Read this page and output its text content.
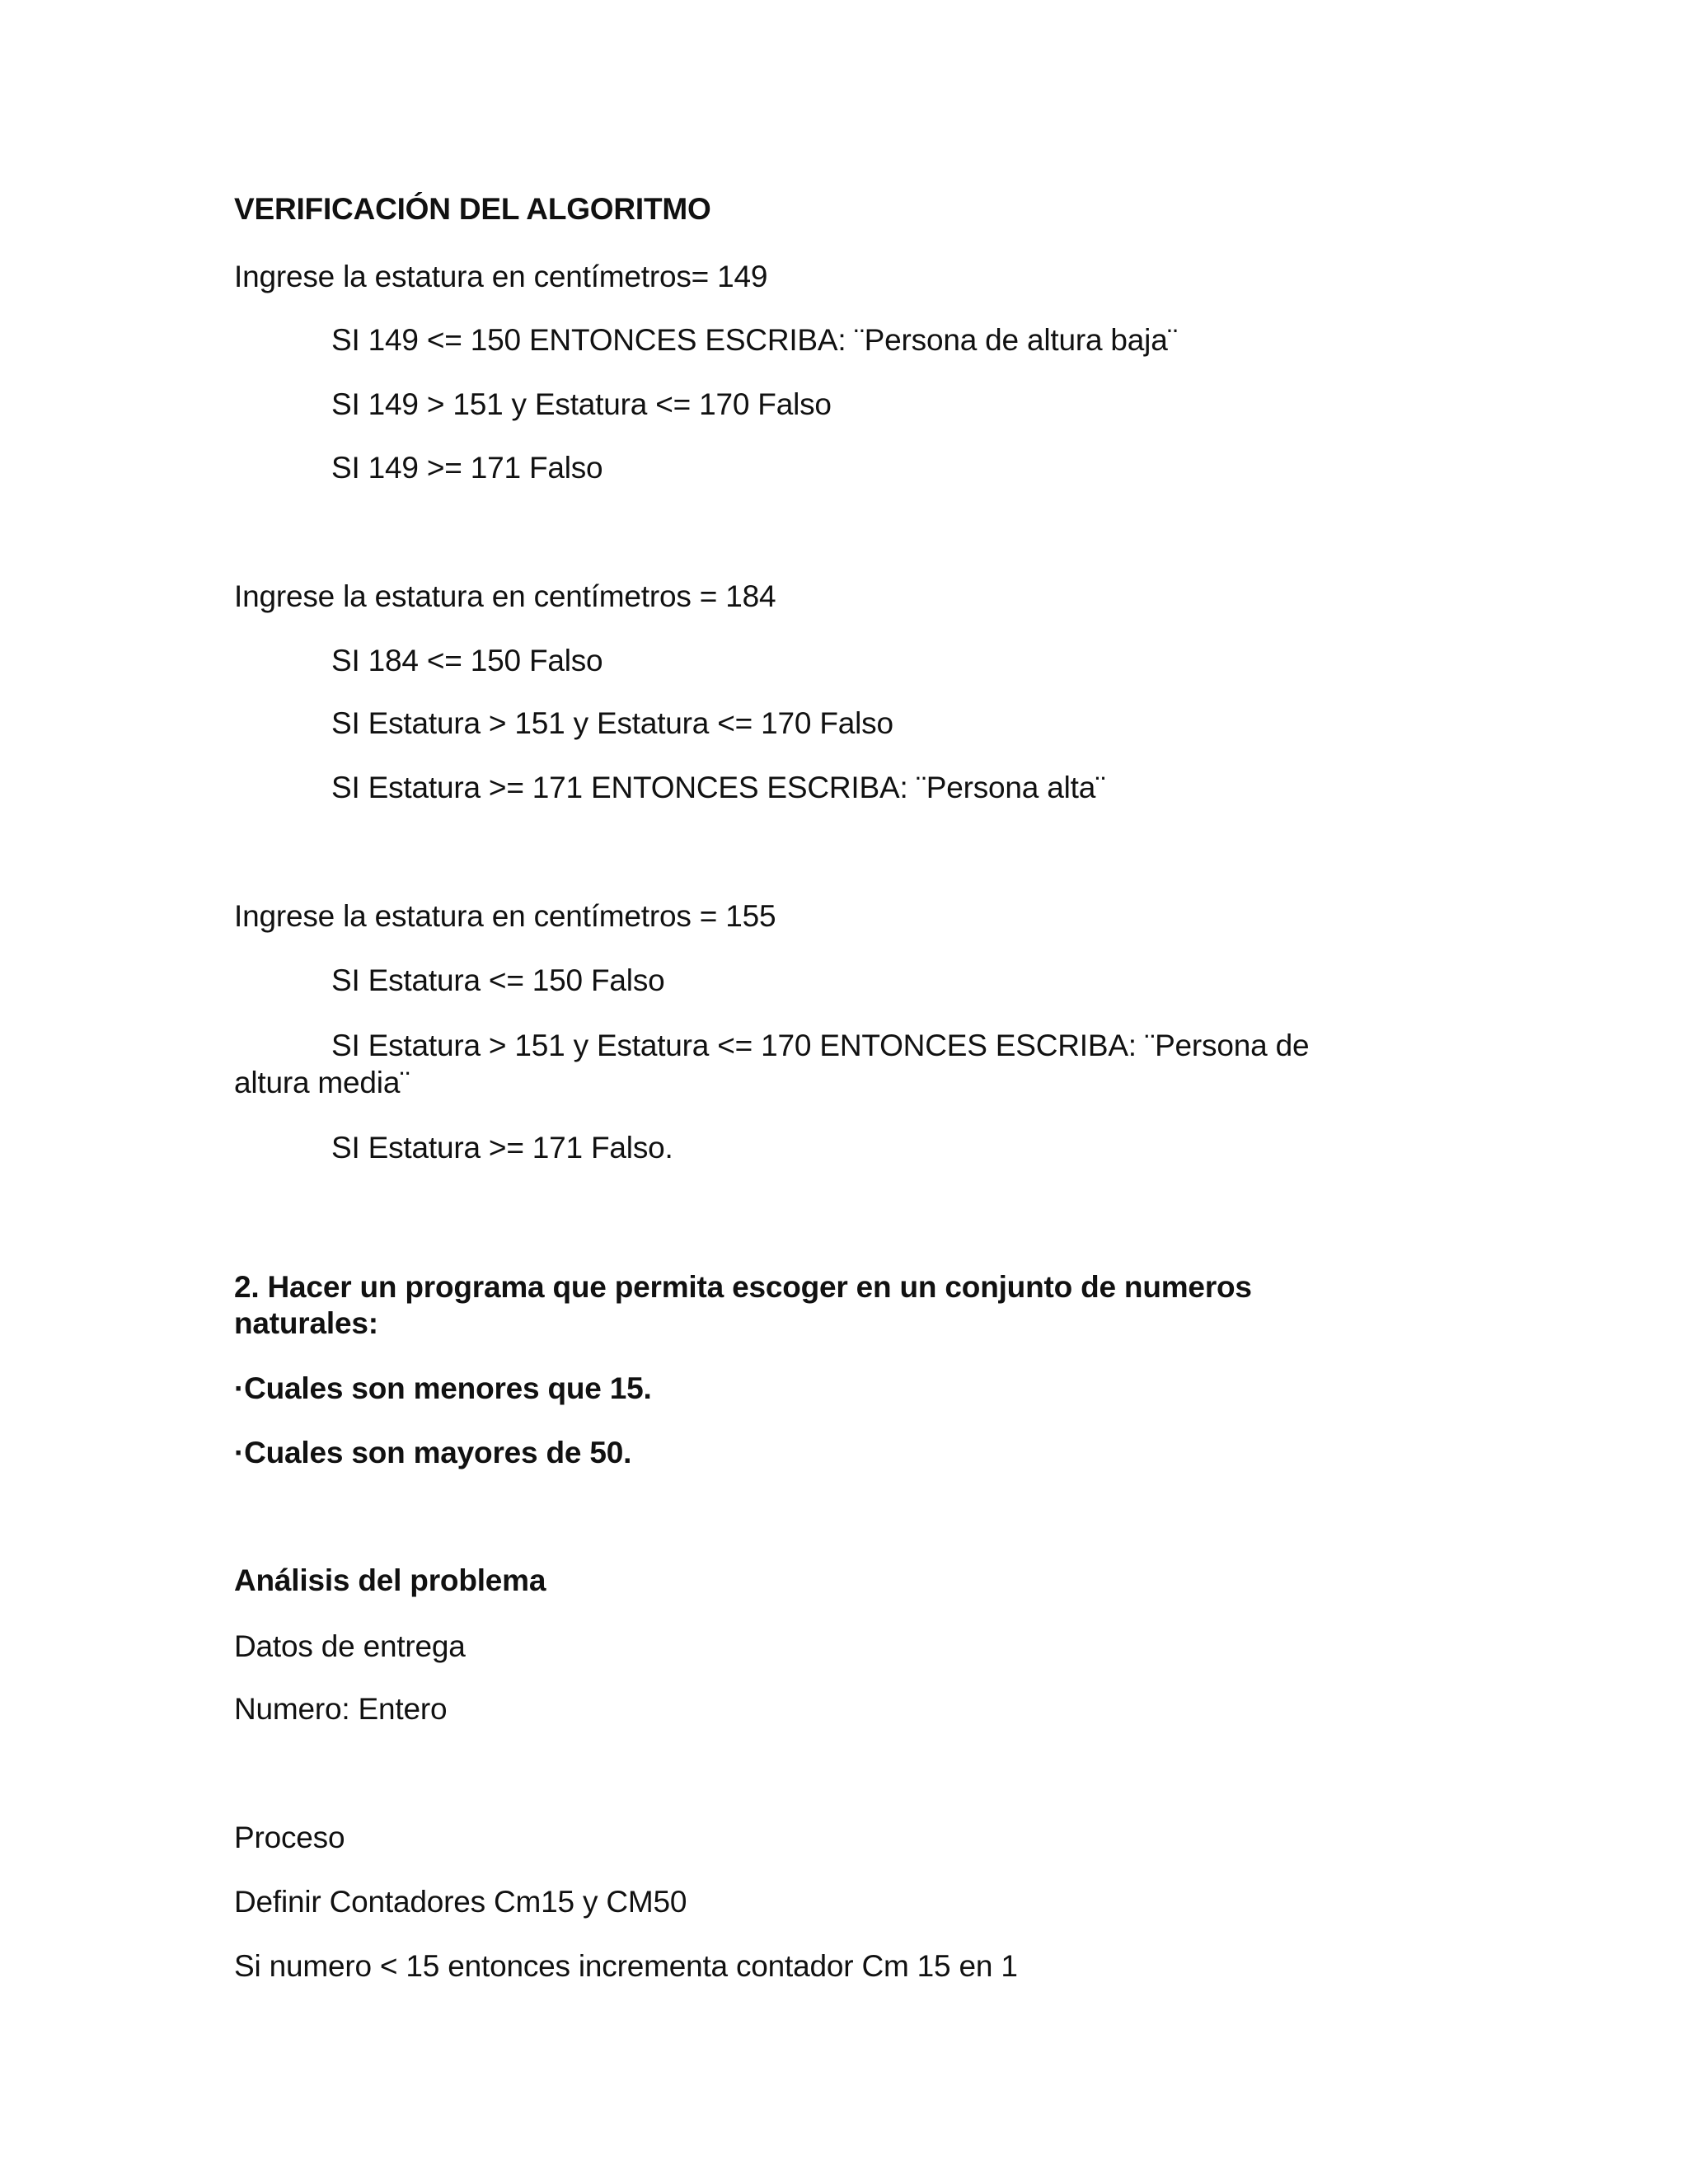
VERIFICACIÓN DEL ALGORITMO
Ingrese la estatura en centímetros= 149
SI 149 <= 150 ENTONCES ESCRIBA: ¨Persona de altura baja¨
SI 149 > 151 y Estatura <= 170 Falso
SI 149 >= 171 Falso
Ingrese la estatura en centímetros = 184
SI 184 <= 150 Falso
SI Estatura > 151 y Estatura <= 170 Falso
SI Estatura >= 171 ENTONCES ESCRIBA: ¨Persona alta¨
Ingrese la estatura en centímetros = 155
SI Estatura <= 150 Falso
SI Estatura > 151 y Estatura <= 170 ENTONCES ESCRIBA: ¨Persona de
altura media¨
SI Estatura >= 171 Falso.
2. Hacer un programa que permita escoger en un conjunto de numeros
naturales:
·Cuales son menores que 15.
·Cuales son mayores de 50.
Análisis del problema
Datos de entrega
Numero: Entero
Proceso
Definir Contadores Cm15 y CM50
Si numero < 15 entonces incrementa contador Cm 15 en 1
